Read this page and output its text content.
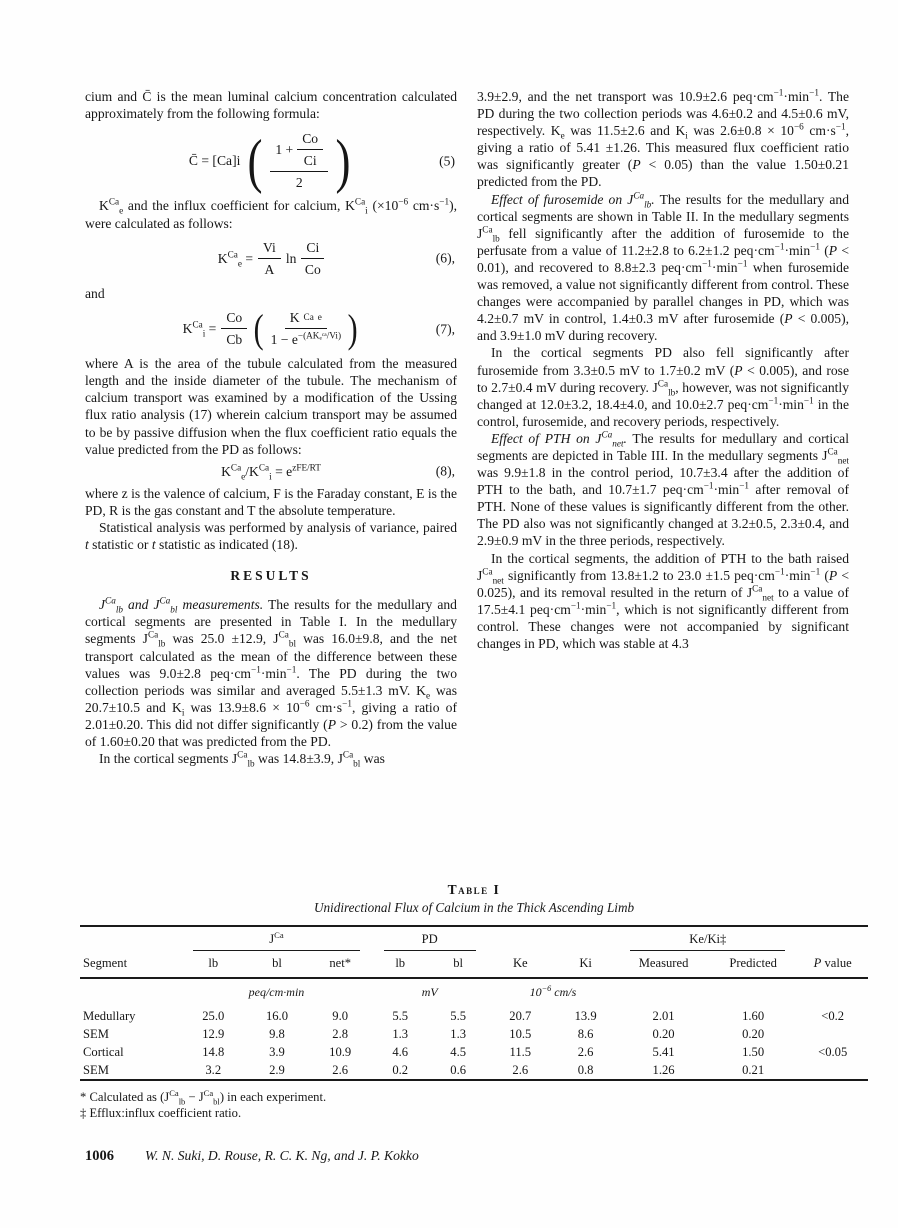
cium and C̄ is the mean luminal calcium concentration calculated approximately from the following formula:

C̄ = [Ca]i ( $\frac{1 + \frac{Co}{Ci}}{2}$ )	(5)

$K^{Ca}_e$ and the influx coefficient for calcium, $K^{Ca}_i$ ($\times 10^{-6}$ $cm\cdot s^{-1}$), were calculated as follows:

$K^{Ca}_e = \frac{Vi}{A}$ $\ln \frac{Ci}{Co}$	(6),

and

$K^{Ca}_i = \frac{Co}{Cb}$ ( $\frac{\text{K Ca e}}{1 - e^{-(AK_eᶜᵃ/Vi)}}$ )	(7),

where A is the area of the tubule calculated from the measured length and the inside diameter of the tubule. The mechanism of calcium transport was examined by a modification of the Ussing flux ratio analysis (17) wherein calcium transport may be assumed to be by passive diffusion when the flux coefficient ratio equals the value predicted from the PD as follows:

$K^{Ca}_e/K^{Ca}_i = e^{zFE/RT}$	(8),

where z is the valence of calcium, F is the Faraday constant, E is the PD, R is the gas constant and T the absolute temperature.

Statistical analysis was performed by analysis of variance, paired t statistic or t statistic as indicated (18).

RESULTS

$J^{Ca}_{lb}$ and $J^{Ca}_{bl}$ measurements. The results for the medullary and cortical segments are presented in Table I. In the medullary segments $J^{Ca}_{lb}$ was 25.0 ±12.9, $J^{Ca}_{bl}$ was 16.0±9.8, and the net transport calculated as the mean of the difference between these values was 9.0±2.8 $peq\cdot cm^{-1}\cdot\min^{-1}$. The PD during the two collection periods was similar and averaged 5.5±1.3 mV. $K_e$ was 20.7±10.5 and $K_i$ was $13.9\pm 8.6 \times 10^{-6}$ $cm\cdot s^{-1}$, giving a ratio of 2.01±0.20. This did not differ significantly (P > 0.2) from the value of 1.60±0.20 that was predicted from the PD.

In the cortical segments $J^{Ca}_{lb}$ was 14.8±3.9, $J^{Ca}_{bl}$ was

3.9±2.9, and the net transport was 10.9±2.6 $peq\cdot cm^{-1}\cdot\min^{-1}$. The PD during the two collection periods was 4.6±0.2 and 4.5±0.6 mV, respectively. $K_e$ was 11.5±2.6 and $K_i$ was $2.6\pm 0.8 \times 10^{-6}$ $cm\cdot s^{-1}$, giving a ratio of 5.41 ±1.26. This measured flux coefficient ratio was significantly greater (P < 0.05) than the value 1.50±0.21 predicted from the PD.

Effect of furosemide on $J^{Ca}_{lb}$. The results for the medullary and cortical segments are shown in Table II. In the medullary segments $J^{Ca}_{lb}$ fell significantly after the addition of furosemide to the perfusate from a value of 11.2±2.8 to 6.2±1.2 $peq\cdot cm^{-1}\cdot\min^{-1}$ (P < 0.01), and recovered to 8.8±2.3 $peq\cdot cm^{-1}\cdot\min^{-1}$ when furosemide was removed, a value not significantly different from control. These changes were accompanied by parallel changes in PD, which was 4.2±0.7 mV in control, 1.4±0.3 mV after furosemide (P < 0.005), and 3.9±1.0 mV during recovery.

In the cortical segments PD also fell significantly after furosemide from 3.3±0.5 mV to 1.7±0.2 mV (P < 0.005), and rose to 2.7±0.4 mV during recovery. $J^{Ca}_{lb}$, however, was not significantly changed at 12.0±3.2, 18.4±4.0, and 10.0±2.7 $peq\cdot cm^{-1}\cdot\min^{-1}$ in the control, furosemide, and recovery periods, respectively.

Effect of PTH on $J^{Ca}_{net}$. The results for medullary and cortical segments are depicted in Table III. In the medullary segments $J^{Ca}_{net}$ was 9.9±1.8 in the control period, 10.7±3.4 after the addition of PTH to the bath, and 10.7±1.7 $peq\cdot cm^{-1}\cdot\min^{-1}$ after removal of PTH. None of these values is significantly different from the other. The PD also was not significantly changed at 3.2±0.5, 2.3±0.4, and 2.9±0.9 mV in the three periods, respectively.

In the cortical segments, the addition of PTH to the bath raised $J^{Ca}_{net}$ significantly from 13.8±1.2 to 23.0 ±1.5 $peq\cdot cm^{-1}\cdot\min^{-1}$ (P < 0.025), and its removal resulted in the return of $J^{Ca}_{net}$ to a value of 17.5±4.1 $peq\cdot cm^{-1}\cdot\min^{-1}$, which is not significantly different from control. These changes were not accompanied by significant changes in PD, which was stable at 4.3

Table I
Unidirectional Flux of Calcium in the Thick Ascending Limb

	$J^{Ca}$			PD				Ke/Ki‡		

Segment	lb	bl	net*	lb	bl	Ke	Ki	Measured	Predicted	P value
	peq/cm·min			mV		$10^{-6}$ cm/s				
Medullary	25.0	16.0	9.0	5.5	5.5	20.7	13.9	2.01	1.60	<0.2
SEM	12.9	9.8	2.8	1.3	1.3	10.5	8.6	0.20	0.20	
Cortical	14.8	3.9	10.9	4.6	4.5	11.5	2.6	5.41	1.50	<0.05
SEM	3.2	2.9	2.6	0.2	0.6	2.6	0.8	1.26	0.21	
* Calculated as $(J^{Ca}_{lb} - J^{Ca}_{bl})$ in each experiment.
‡ Efflux:influx coefficient ratio.
1006 W. N. Suki, D. Rouse, R. C. K. Ng, and J. P. Kokko
